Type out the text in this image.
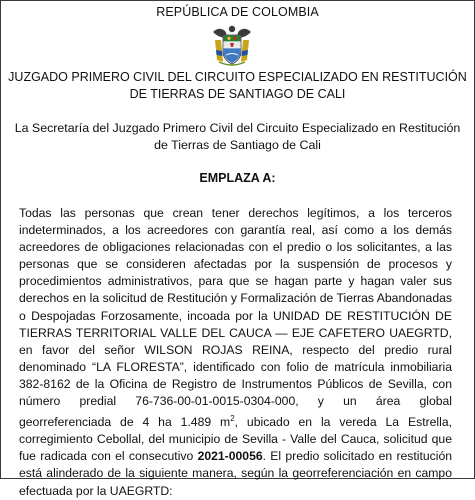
REPÚBLICA DE COLOMBIA
JUZGADO PRIMERO CIVIL DEL CIRCUITO ESPECIALIZADO EN RESTITUCIÓN
DE TIERRAS DE SANTIAGO DE CALI
La Secretaría del Juzgado Primero Civil del Circuito Especializado en Restitución
de Tierras de Santiago de Cali
EMPLAZA A:

Todas las personas que crean tener derechos legítimos, a los terceros indeterminados, a los acreedores con garantía real, así como a los demás acreedores de obligaciones relacionadas con el predio o los solicitantes, a las personas que se consideren afectadas por la suspensión de procesos y procedimientos administrativos, para que se hagan parte y hagan valer sus derechos en la solicitud de Restitución y Formalización de Tierras Abandonadas o Despojadas Forzosamente, incoada por la UNIDAD DE RESTITUCIÓN DE TIERRAS TERRITORIAL VALLE DEL CAUCA — EJE CAFETERO UAEGRTD, en favor del señor WILSON ROJAS REINA, respecto del predio rural denominado “LA FLORESTA”, identificado con folio de matrícula inmobiliaria 382-8162 de la Oficina de Registro de Instrumentos Públicos de Sevilla, con número predial 76-736-00-01-0015-0304-000, y un área global georreferenciada de 4 ha 1.489 $m^2$, ubicado en la vereda La Estrella, corregimiento Cebollal, del municipio de Sevilla - Valle del Cauca, solicitud que fue radicada con el consecutivo 2021-00056. El predio solicitado en restitución está alinderado de la siguiente manera, según la georreferenciación en campo efectuada por la UAEGRTD:
